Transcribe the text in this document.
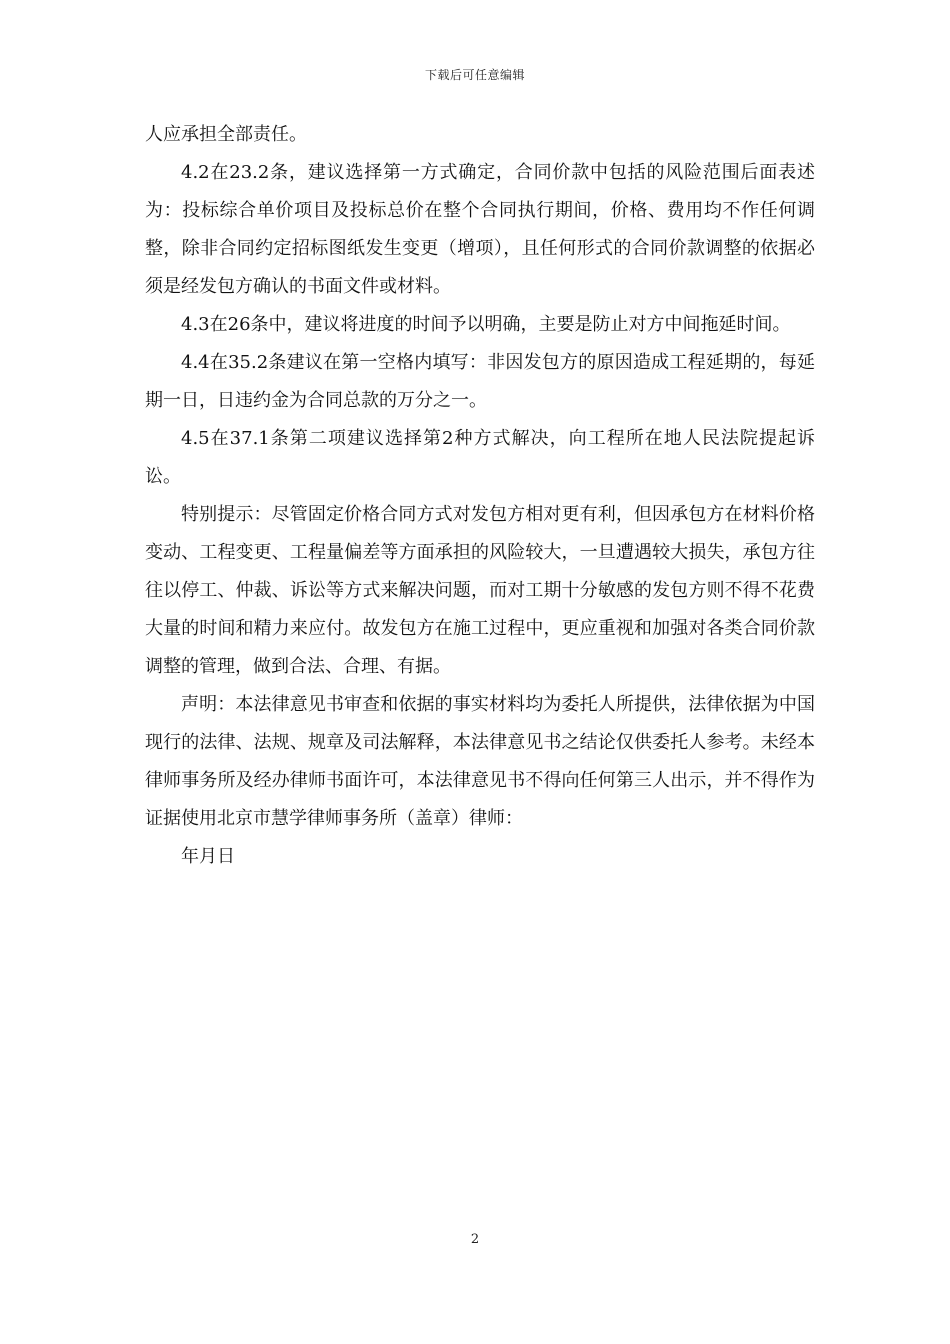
下载后可任意编辑

人应承担全部责任。

4.2在23.2条，建议选择第一方式确定，合同价款中包括的风险范围后面表述为：投标综合单价项目及投标总价在整个合同执行期间，价格、费用均不作任何调整，除非合同约定招标图纸发生变更（增项），且任何形式的合同价款调整的依据必须是经发包方确认的书面文件或材料。

4.3在26条中，建议将进度的时间予以明确，主要是防止对方中间拖延时间。

4.4在35.2条建议在第一空格内填写：非因发包方的原因造成工程延期的，每延期一日，日违约金为合同总款的万分之一。

4.5在37.1条第二项建议选择第2种方式解决，向工程所在地人民法院提起诉讼。

特别提示：尽管固定价格合同方式对发包方相对更有利，但因承包方在材料价格变动、工程变更、工程量偏差等方面承担的风险较大，一旦遭遇较大损失，承包方往往以停工、仲裁、诉讼等方式来解决问题，而对工期十分敏感的发包方则不得不花费大量的时间和精力来应付。故发包方在施工过程中，更应重视和加强对各类合同价款调整的管理，做到合法、合理、有据。

声明：本法律意见书审查和依据的事实材料均为委托人所提供，法律依据为中国现行的法律、法规、规章及司法解释，本法律意见书之结论仅供委托人参考。未经本律师事务所及经办律师书面许可，本法律意见书不得向任何第三人出示，并不得作为证据使用北京市慧学律师事务所（盖章）律师：

年月日

2
